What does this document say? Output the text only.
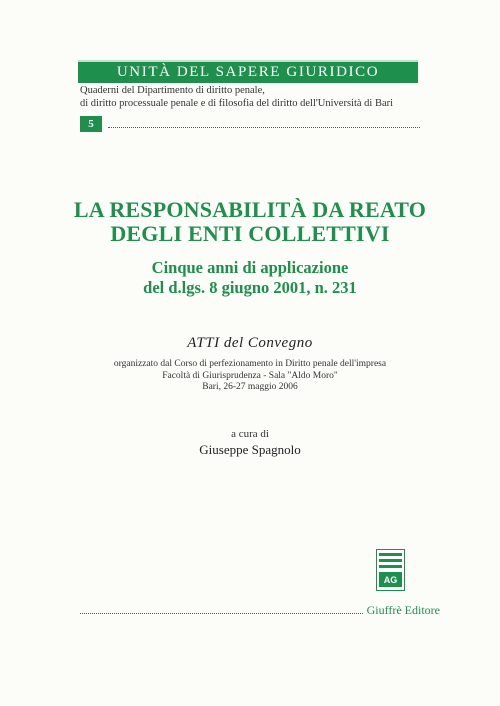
UNITÀ DEL SAPERE GIURIDICO
Quaderni del Dipartimento di diritto penale,
di diritto processuale penale e di filosofia del diritto dell'Università di Bari
5
LA RESPONSABILITÀ DA REATO
DEGLI ENTI COLLETTIVI
Cinque anni di applicazione
del d.lgs. 8 giugno 2001, n. 231
ATTI del Convegno
organizzato dal Corso di perfezionamento in Diritto penale dell'impresa
Facoltà di Giurisprudenza - Sala "Aldo Moro"
Bari, 26-27 maggio 2006
a cura di
Giuseppe Spagnolo
AG
Giuffrè Editore
